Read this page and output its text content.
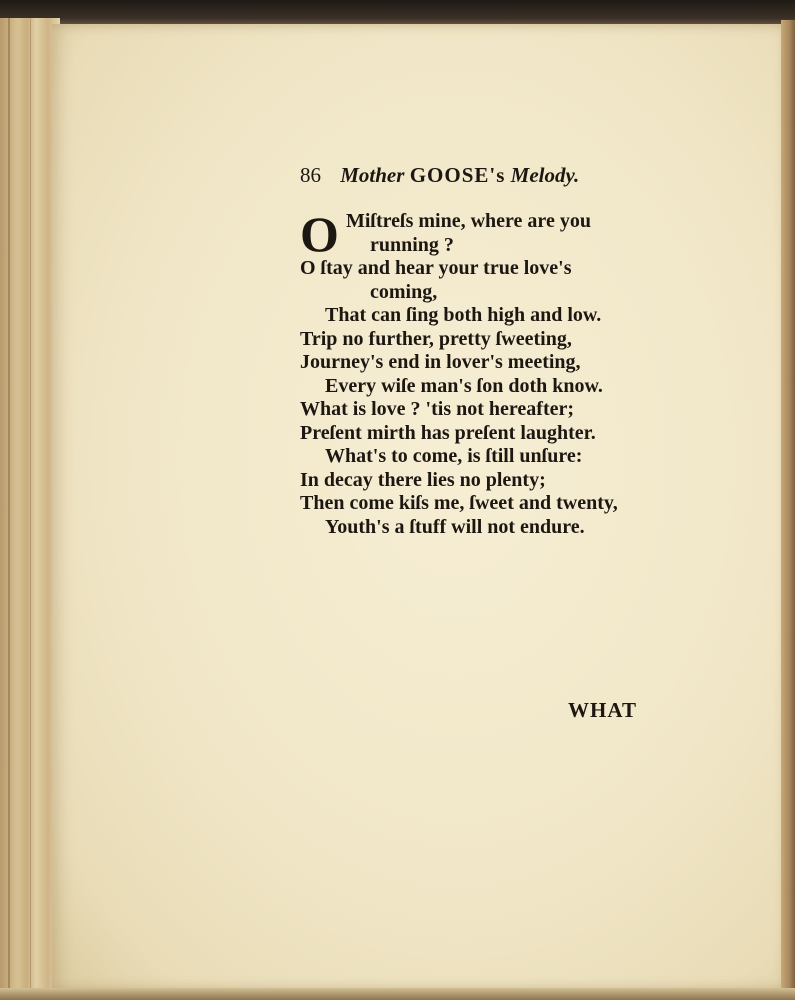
86 Mother GOOSE's Melody.
O Miſtreſs mine, where are you
running ?
O ſtay and hear your true love's
coming,
That can ſing both high and low.
Trip no further, pretty ſweeting,
Journey's end in lover's meeting,
Every wiſe man's ſon doth know.
What is love ? 'tis not hereafter;
Preſent mirth has preſent laughter.
What's to come, is ſtill unſure:
In decay there lies no plenty;
Then come kiſs me, ſweet and twenty,
Youth's a ſtuff will not endure.
WHAT
